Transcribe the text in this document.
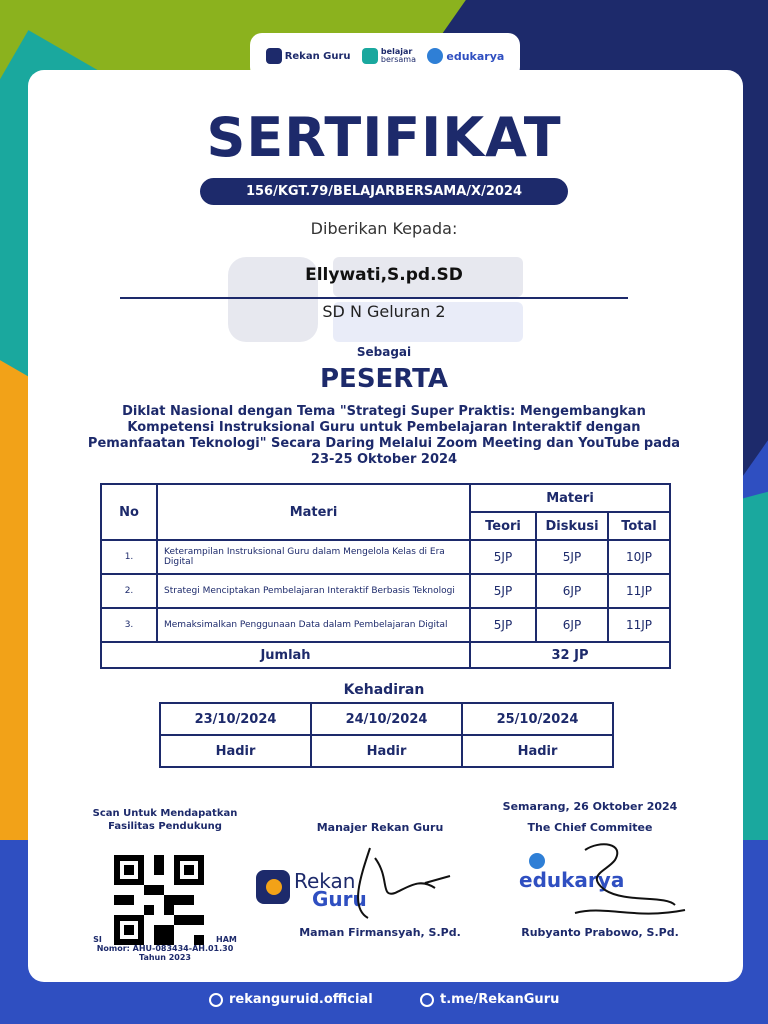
Rekan Guru	belajar
bersama	edukarya
SERTIFIKAT
156/KGT.79/BELAJARBERSAMA/X/2024
Diberikan Kepada:
Ellywati,S.pd.SD
SD N Geluran 2
Sebagai
PESERTA
Diklat Nasional dengan Tema "Strategi Super Praktis: Mengembangkan Kompetensi Instruksional Guru untuk Pembelajaran Interaktif dengan Pemanfaatan Teknologi" Secara Daring Melalui Zoom Meeting dan YouTube pada 23-25 Oktober 2024
No	Materi	Materi		
		Teori	Diskusi	Total
1.	Keterampilan Instruksional Guru dalam Mengelola Kelas di Era Digital	5JP	5JP	10JP
2.	Strategi Menciptakan Pembelajaran Interaktif Berbasis Teknologi	5JP	6JP	11JP
3.	Memaksimalkan Penggunaan Data dalam Pembelajaran Digital	5JP	6JP	11JP
Jumlah		32 JP		
Kehadiran
23/10/2024	24/10/2024	25/10/2024
Hadir	Hadir	Hadir
Scan Untuk Mendapatkan
Fasilitas Pendukung
SI                                         HAM
Nomor: AHU-083434-AH.01.30
Tahun 2023
Manajer Rekan Guru
Rekan
Guru
Maman Firmansyah, S.Pd.
Semarang, 26 Oktober 2024
The Chief Commitee
edukarya
Rubyanto Prabowo, S.Pd.
rekanguruid.official	t.me/RekanGuru
